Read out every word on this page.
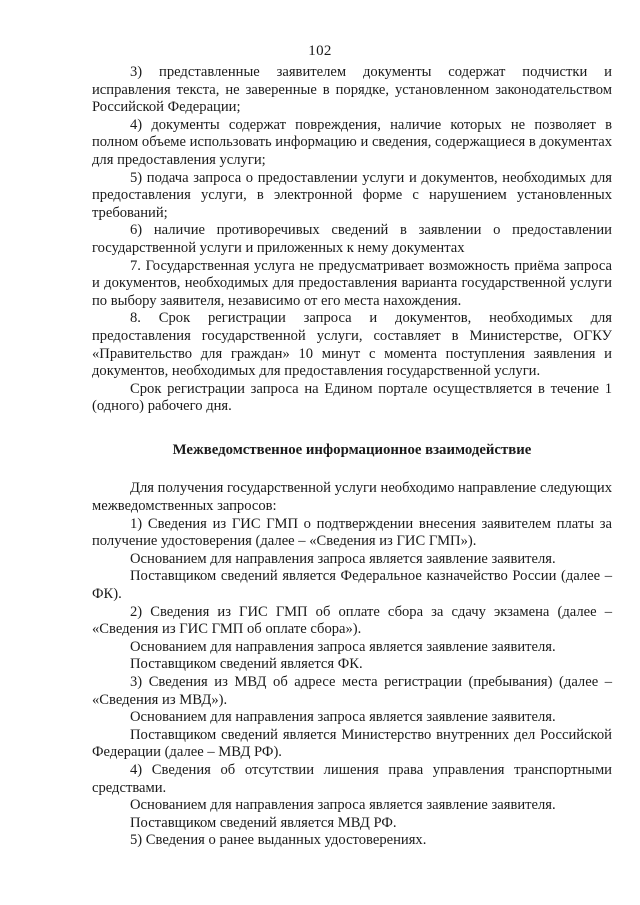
102

3) представленные заявителем документы содержат подчистки и исправления текста, не заверенные в порядке, установленном законодательством Российской Федерации;

4) документы содержат повреждения, наличие которых не позволяет в полном объеме использовать информацию и сведения, содержащиеся в документах для предоставления услуги;

5) подача запроса о предоставлении услуги и документов, необходимых для предоставления услуги, в электронной форме с нарушением установленных требований;

6) наличие противоречивых сведений в заявлении о предоставлении государственной услуги и приложенных к нему документах

7. Государственная услуга не предусматривает возможность приёма запроса и документов, необходимых для предоставления варианта государственной услуги по выбору заявителя, независимо от его места нахождения.

8. Срок регистрации запроса и документов, необходимых для предоставления государственной услуги, составляет в Министерстве, ОГКУ «Правительство для граждан» 10 минут с момента поступления заявления и документов, необходимых для предоставления государственной услуги.

Срок регистрации запроса на Едином портале осуществляется в течение 1 (одного) рабочего дня.

Межведомственное информационное взаимодействие

Для получения государственной услуги необходимо направление следующих межведомственных запросов:

1) Сведения из ГИС ГМП о подтверждении внесения заявителем платы за получение удостоверения (далее – «Сведения из ГИС ГМП»).

Основанием для направления запроса является заявление заявителя.

Поставщиком сведений является Федеральное казначейство России (далее – ФК).

2) Сведения из ГИС ГМП об оплате сбора за сдачу экзамена (далее – «Сведения из ГИС ГМП об оплате сбора»).

Основанием для направления запроса является заявление заявителя.

Поставщиком сведений является ФК.

3) Сведения из МВД об адресе места регистрации (пребывания) (далее – «Сведения из МВД»).

Основанием для направления запроса является заявление заявителя.

Поставщиком сведений является Министерство внутренних дел Российской Федерации (далее – МВД РФ).

4) Сведения об отсутствии лишения права управления транспортными средствами.

Основанием для направления запроса является заявление заявителя.

Поставщиком сведений является МВД РФ.

5) Сведения о ранее выданных удостоверениях.
